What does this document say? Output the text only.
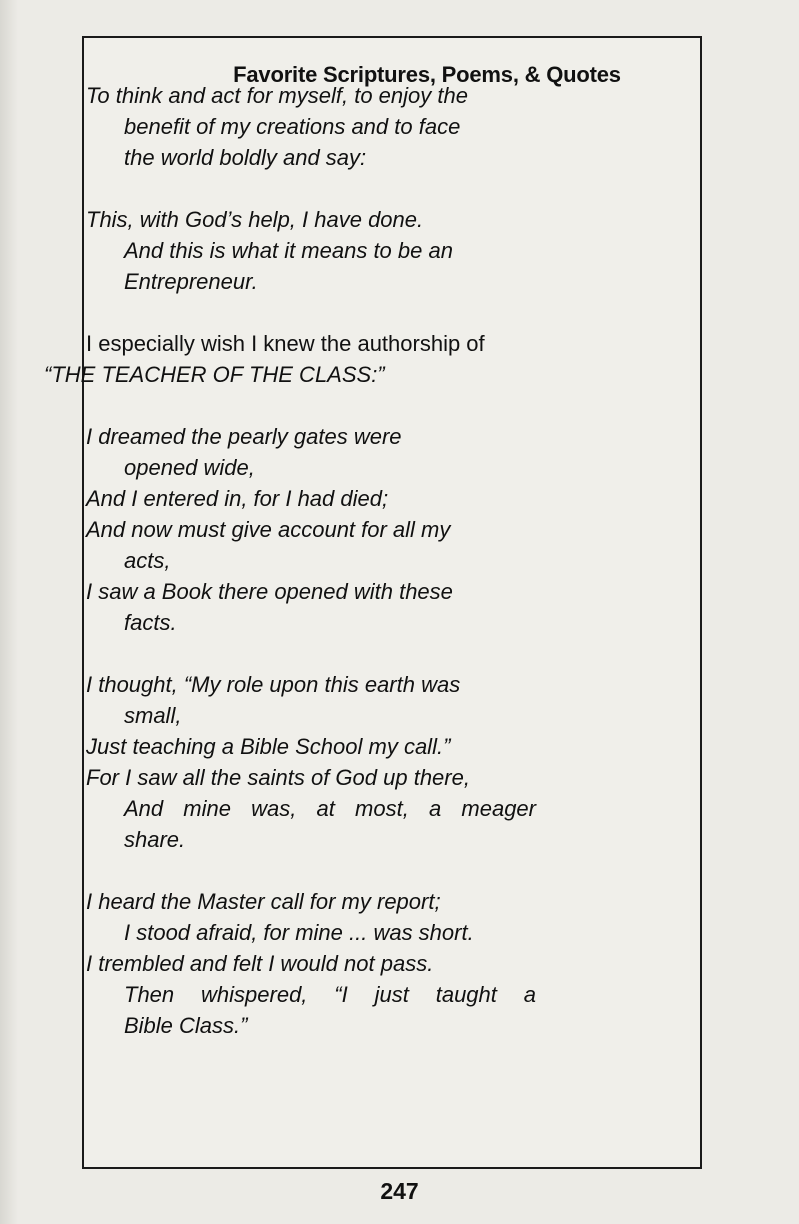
Favorite Scriptures, Poems, & Quotes
To think and act for myself, to enjoy the
benefit of my creations and to face
the world boldly and say:
This, with God’s help, I have done.
And this is what it means to be an
Entrepreneur.
I especially wish I knew the authorship of
“THE TEACHER OF THE CLASS:”
I dreamed the pearly gates were
opened wide,
And I entered in, for I had died;
And now must give account for all my
acts,
I saw a Book there opened with these
facts.
I thought, “My role upon this earth was
small,
Just teaching a Bible School my call.”
For I saw all the saints of God up there,
And mine was, at most, a meager
share.
I heard the Master call for my report;
I stood afraid, for mine ... was short.
I trembled and felt I would not pass.
Then whispered, “I just taught a
Bible Class.”
247
